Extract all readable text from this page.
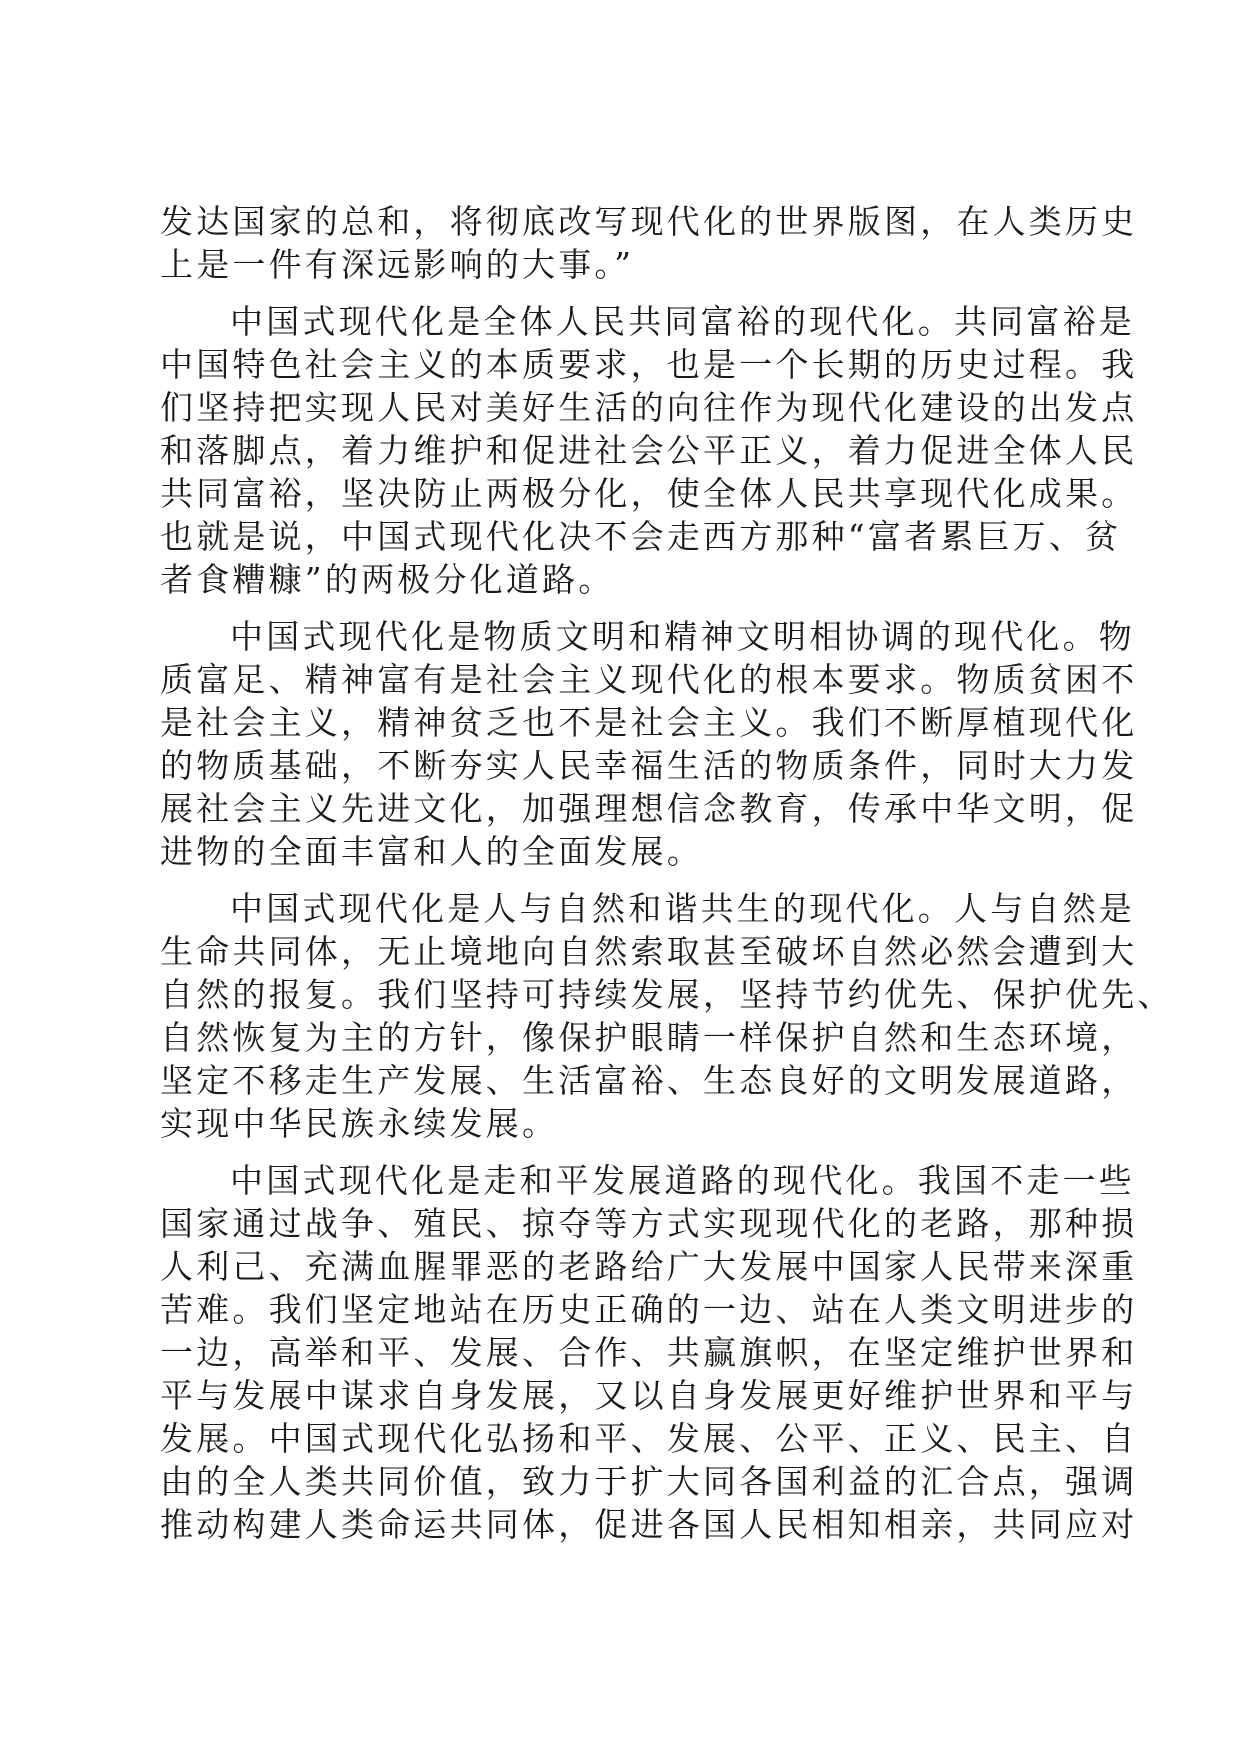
发达国家的总和，将彻底改写现代化的世界版图，在人类历史
上是一件有深远影响的大事。”
中国式现代化是全体人民共同富裕的现代化。共同富裕是
中国特色社会主义的本质要求，也是一个长期的历史过程。我
们坚持把实现人民对美好生活的向往作为现代化建设的出发点
和落脚点，着力维护和促进社会公平正义，着力促进全体人民
共同富裕，坚决防止两极分化，使全体人民共享现代化成果。
也就是说，中国式现代化决不会走西方那种“富者累巨万、贫
者食糟糠”的两极分化道路。
中国式现代化是物质文明和精神文明相协调的现代化。物
质富足、精神富有是社会主义现代化的根本要求。物质贫困不
是社会主义，精神贫乏也不是社会主义。我们不断厚植现代化
的物质基础，不断夯实人民幸福生活的物质条件，同时大力发
展社会主义先进文化，加强理想信念教育，传承中华文明，促
进物的全面丰富和人的全面发展。
中国式现代化是人与自然和谐共生的现代化。人与自然是
生命共同体，无止境地向自然索取甚至破坏自然必然会遭到大
自然的报复。我们坚持可持续发展，坚持节约优先、保护优先、
自然恢复为主的方针，像保护眼睛一样保护自然和生态环境，
坚定不移走生产发展、生活富裕、生态良好的文明发展道路，
实现中华民族永续发展。
中国式现代化是走和平发展道路的现代化。我国不走一些
国家通过战争、殖民、掠夺等方式实现现代化的老路，那种损
人利己、充满血腥罪恶的老路给广大发展中国家人民带来深重
苦难。我们坚定地站在历史正确的一边、站在人类文明进步的
一边，高举和平、发展、合作、共赢旗帜，在坚定维护世界和
平与发展中谋求自身发展，又以自身发展更好维护世界和平与
发展。中国式现代化弘扬和平、发展、公平、正义、民主、自
由的全人类共同价值，致力于扩大同各国利益的汇合点，强调
推动构建人类命运共同体，促进各国人民相知相亲，共同应对
